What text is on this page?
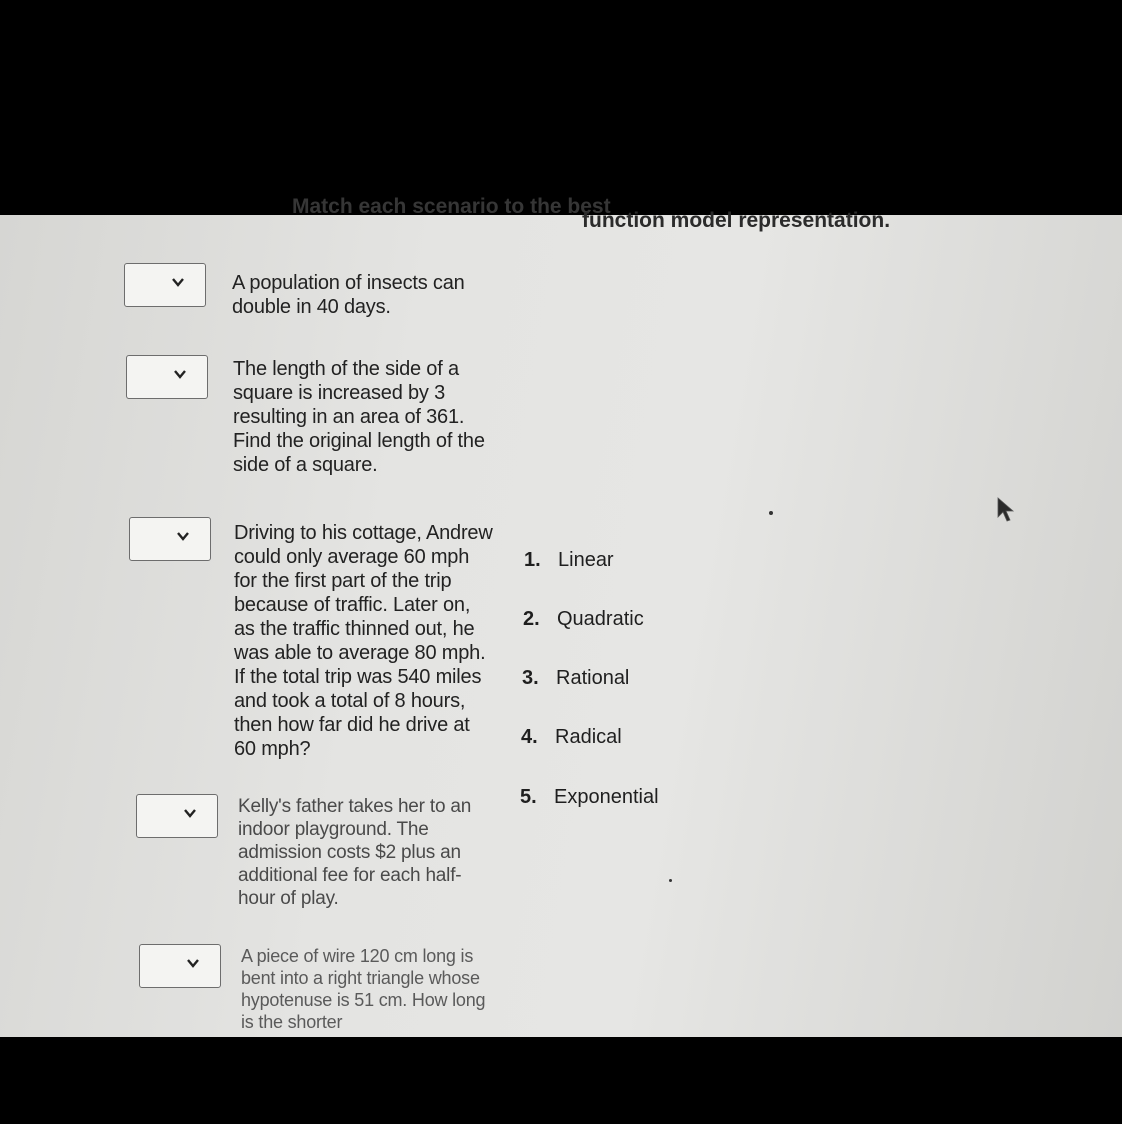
Match each scenario to the best
function model representation.
A population of insects can double in 40 days.
The length of the side of a square is increased by 3 resulting in an area of 361. Find the original length of the side of a square.
Driving to his cottage, Andrew could only average 60 mph for the first part of the trip because of traffic. Later on, as the traffic thinned out, he was able to average 80 mph. If the total trip was 540 miles and took a total of 8 hours, then how far did he drive at 60 mph?
Kelly's father takes her to an indoor playground. The admission costs $2 plus an additional fee for each half-hour of play.
A piece of wire 120 cm long is bent into a right triangle whose hypotenuse is 51 cm. How long is the shorter
1. Linear
2. Quadratic
3. Rational
4. Radical
5. Exponential
